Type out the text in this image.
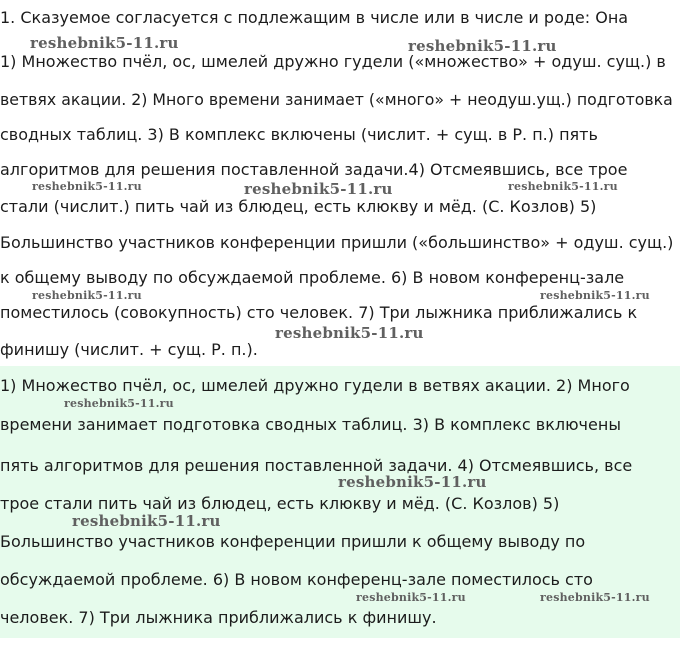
1. Сказуемое согласуется с подлежащим в числе или в числе и роде: Она
1) Множество пчёл, ос, шмелей дружно гудели («множество» + одуш. сущ.) в
ветвях акации. 2) Много времени занимает («много» + неодуш.ущ.) подготовка
сводных таблиц. 3) В комплекс включены (числит. + сущ. в Р. п.) пять
алгоритмов для решения поставленной задачи.4) Отсмеявшись, все трое
стали (числит.) пить чай из блюдец, есть клюкву и мёд. (С. Козлов) 5)
Большинство участников конференции пришли («большинство» + одуш. сущ.)
к общему выводу по обсуждаемой проблеме. 6) В новом конференц-зале
поместилось (совокупность) сто человек. 7) Три лыжника приближались к
финишу (числит. + сущ. Р. п.).
reshebnik5-11.ru	reshebnik5-11.ru
reshebnik5-11.ru	reshebnik5-11.ru	reshebnik5-11.ru
reshebnik5-11.ru	reshebnik5-11.ru
reshebnik5-11.ru
1) Множество пчёл, ос, шмелей дружно гудели в ветвях акации. 2) Много
времени занимает подготовка сводных таблиц. 3) В комплекс включены
пять алгоритмов для решения поставленной задачи. 4) Отсмеявшись, все
трое стали пить чай из блюдец, есть клюкву и мёд. (С. Козлов) 5)
Большинство участников конференции пришли к общему выводу по
обсуждаемой проблеме. 6) В новом конференц-зале поместилось сто
человек. 7) Три лыжника приближались к финишу.
reshebnik5-11.ru
reshebnik5-11.ru
reshebnik5-11.ru
reshebnik5-11.ru	reshebnik5-11.ru
